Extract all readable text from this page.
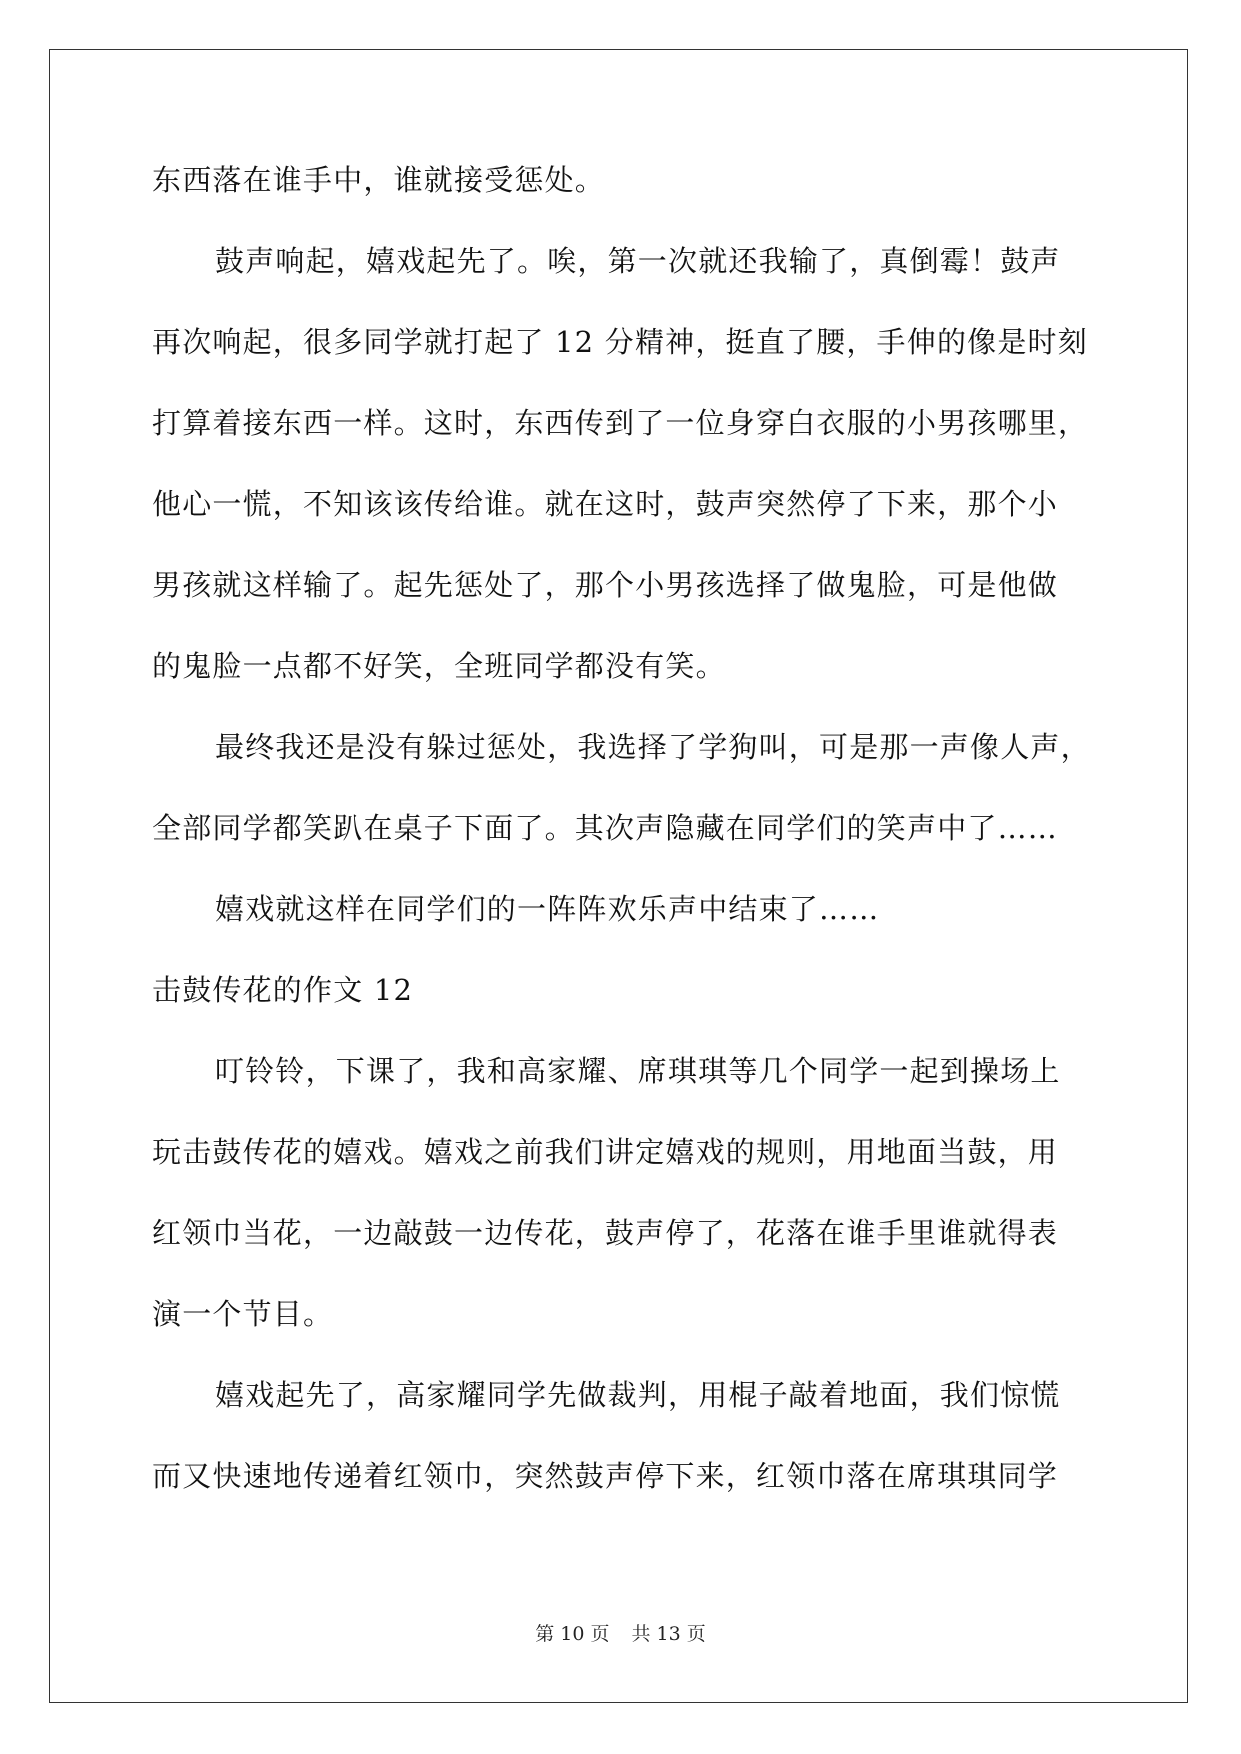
东西落在谁手中，谁就接受惩处。
鼓声响起，嬉戏起先了。唉，第一次就还我输了，真倒霉！鼓声
再次响起，很多同学就打起了 12 分精神，挺直了腰，手伸的像是时刻
打算着接东西一样。这时，东西传到了一位身穿白衣服的小男孩哪里，
他心一慌，不知该该传给谁。就在这时，鼓声突然停了下来，那个小
男孩就这样输了。起先惩处了，那个小男孩选择了做鬼脸，可是他做
的鬼脸一点都不好笑，全班同学都没有笑。
最终我还是没有躲过惩处，我选择了学狗叫，可是那一声像人声，
全部同学都笑趴在桌子下面了。其次声隐藏在同学们的笑声中了……
嬉戏就这样在同学们的一阵阵欢乐声中结束了……
击鼓传花的作文 12
叮铃铃，下课了，我和高家耀、席琪琪等几个同学一起到操场上
玩击鼓传花的嬉戏。嬉戏之前我们讲定嬉戏的规则，用地面当鼓，用
红领巾当花，一边敲鼓一边传花，鼓声停了，花落在谁手里谁就得表
演一个节目。
嬉戏起先了，高家耀同学先做裁判，用棍子敲着地面，我们惊慌
而又快速地传递着红领巾，突然鼓声停下来，红领巾落在席琪琪同学
第 10 页 共 13 页
